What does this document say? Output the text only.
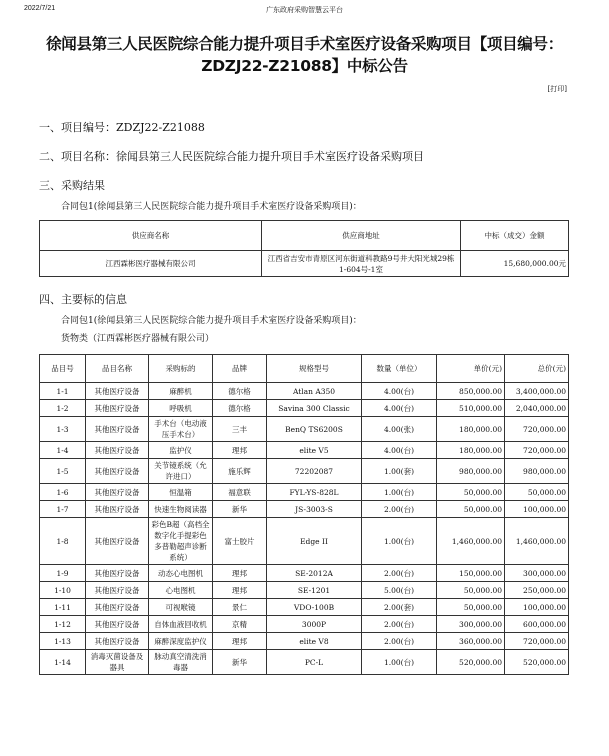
2022/7/21	广东政府采购智慧云平台
徐闻县第三人民医院综合能力提升项目手术室医疗设备采购项目【项目编号：
ZDZJ22-Z21088】中标公告
[打印]
一、项目编号：ZDZJ22-Z21088
二、项目名称：徐闻县第三人民医院综合能力提升项目手术室医疗设备采购项目
三、采购结果
合同包1(徐闻县第三人民医院综合能力提升项目手术室医疗设备采购项目)：
供应商名称	供应商地址	中标（成交）金额
江西霖彬医疗器械有限公司	江西省吉安市青原区河东街道科教路9号井大阳光城29栋1-604号-1室	15,680,000.00元
四、主要标的信息
合同包1(徐闻县第三人民医院综合能力提升项目手术室医疗设备采购项目)：
货物类（江西霖彬医疗器械有限公司）
品目号	品目名称	采购标的	品牌	规格型号	数量（单位）	单价(元)	总价(元)
1-1	其他医疗设备	麻醉机	德尔格	Atlan A350	4.00(台)	850,000.00	3,400,000.00
1-2	其他医疗设备	呼吸机	德尔格	Savina 300 Classic	4.00(台)	510,000.00	2,040,000.00
1-3	其他医疗设备	手术台（电动液压手术台）	三丰	BenQ TS6200S	4.00(张)	180,000.00	720,000.00
1-4	其他医疗设备	监护仪	理邦	elite V5	4.00(台)	180,000.00	720,000.00
1-5	其他医疗设备	关节镜系统（允许进口）	施乐辉	72202087	1.00(套)	980,000.00	980,000.00
1-6	其他医疗设备	恒温箱	福意联	FYL-YS-828L	1.00(台)	50,000.00	50,000.00
1-7	其他医疗设备	快速生物阅读器	新华	JS-3003-S	2.00(台)	50,000.00	100,000.00
1-8	其他医疗设备	彩色B超（高档全数字化手提彩色多普勒超声诊断系统）	富士胶片	Edge II	1.00(台)	1,460,000.00	1,460,000.00
1-9	其他医疗设备	动态心电图机	理邦	SE-2012A	2.00(台)	150,000.00	300,000.00
1-10	其他医疗设备	心电图机	理邦	SE-1201	5.00(台)	50,000.00	250,000.00
1-11	其他医疗设备	可视喉镜	景仁	VDO-100B	2.00(套)	50,000.00	100,000.00
1-12	其他医疗设备	自体血液回收机	京精	3000P	2.00(台)	300,000.00	600,000.00
1-13	其他医疗设备	麻醉深度监护仪	理邦	elite V8	2.00(台)	360,000.00	720,000.00
1-14	消毒灭菌设备及器具	脉动真空清洗消毒器	新华	PC-L	1.00(台)	520,000.00	520,000.00
